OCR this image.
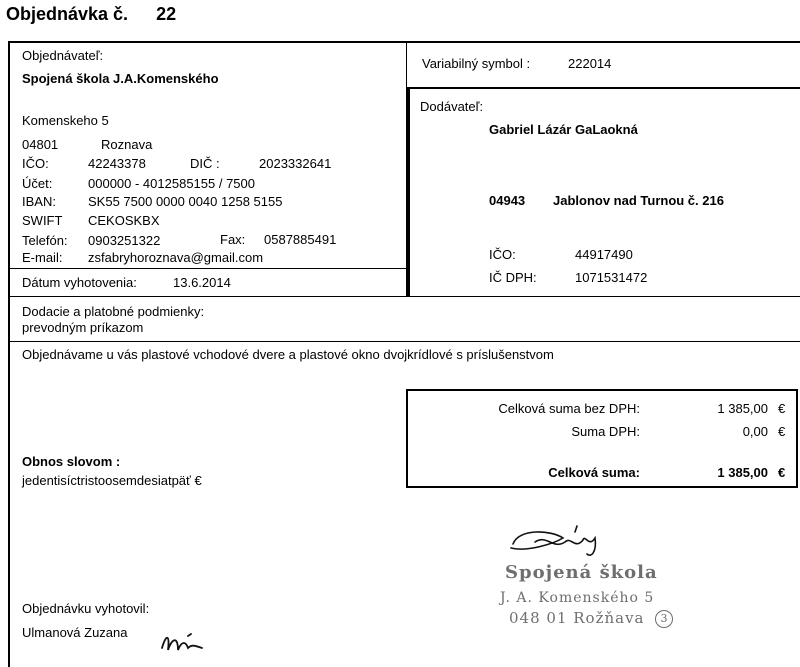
Objednávka č. 22
Objednávateľ:
Spojená škola J.A.Komenského
Komenskeho 5
04801	Roznava
IČO:	42243378	DIČ :	2023332641
Účet:	000000 - 4012585155 / 7500
IBAN: SK55 7500 0000 0040 1258 5155
SWIFT CEKOSKBX
Telefón: 0903251322	Fax: 0587885491
E-mail: zsfabryhoroznava@gmail.com
Dátum vyhotovenia:	13.6.2014
Variabilný symbol :	222014
Dodávateľ:
Gabriel Lázár GaLaokná
04943 Jablonov nad Turnou č. 216
IČO:	44917490
IČ DPH:	1071531472
Dodacie a platobné podmienky:
prevodným príkazom
Objednávame u vás plastové vchodové dvere a plastové okno dvojkrídlové s príslušenstvom
Celková suma bez DPH:	1 385,00 €
Suma DPH:	0,00 €
Celková suma:	1 385,00 €
Obnos slovom :
jedentisíctristoosemdesiatpäť €
Spojená škola
J. A. Komenského 5
048 01 Rožňava	3
Objednávku vyhotovil:
Ulmanová Zuzana
